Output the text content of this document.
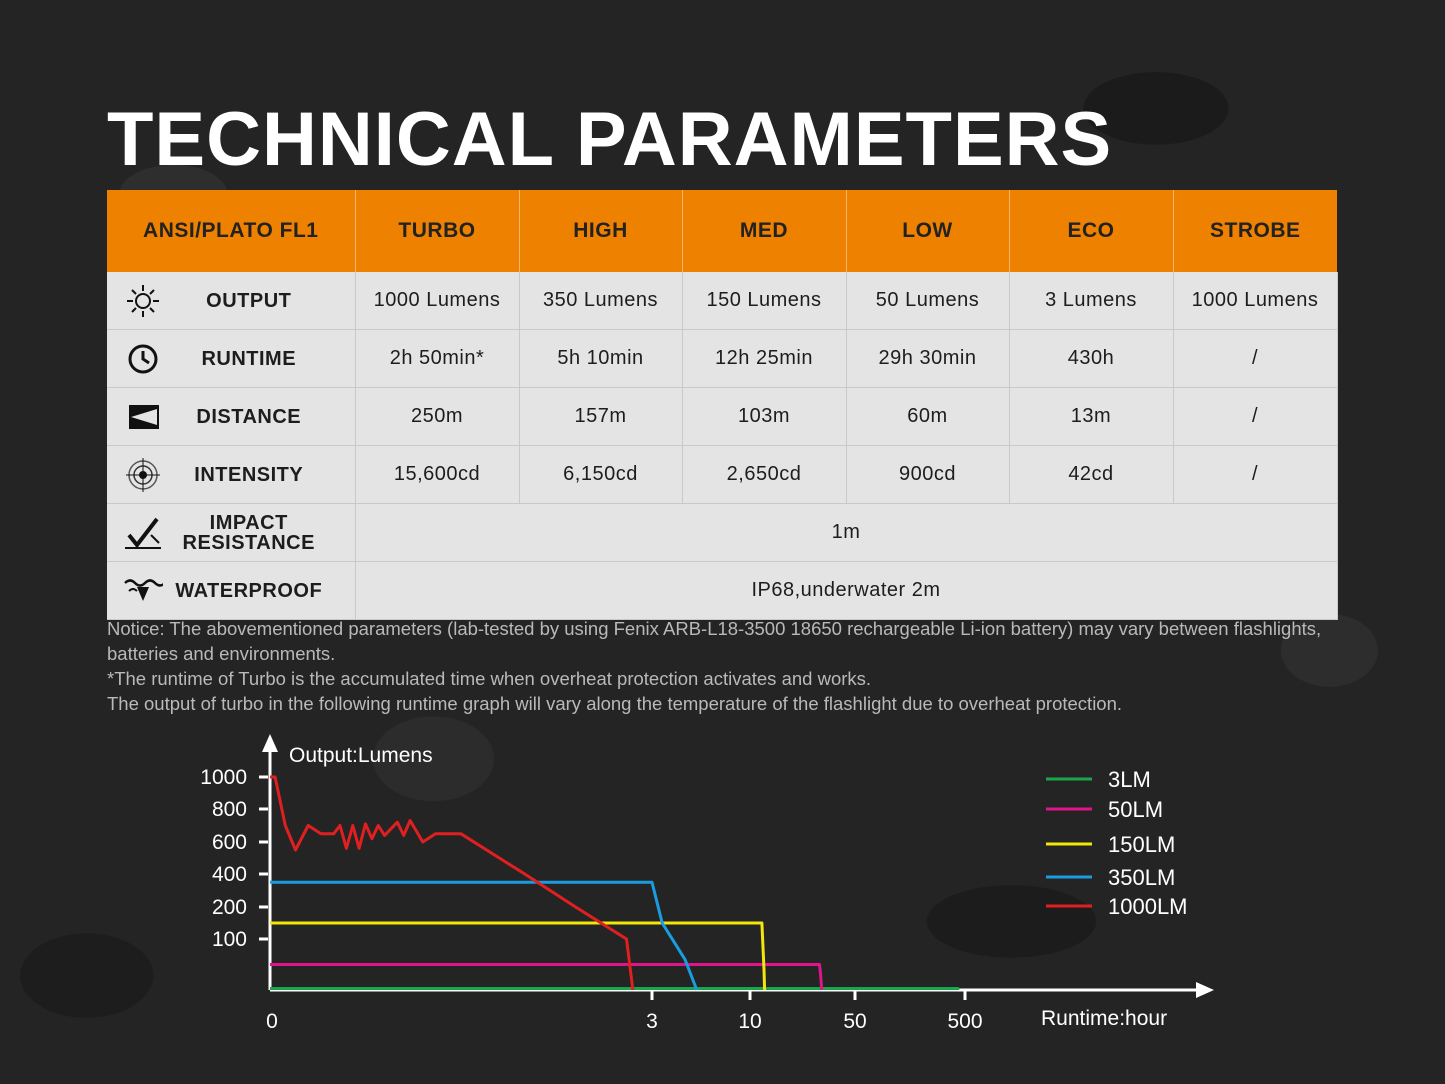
TECHNICAL PARAMETERS
ANSI/PLATO FL1	TURBO	HIGH	MED	LOW	ECO	STROBE

OUTPUT	1000 Lumens	350 Lumens	150 Lumens	50 Lumens	3 Lumens	1000 Lumens

RUNTIME	2h 50min*	5h 10min	12h 25min	29h 30min	430h	/

DISTANCE	250m	157m	103m	60m	13m	/

INTENSITY	15,600cd	6,150cd	2,650cd	900cd	42cd	/

IMPACT
RESISTANCE	1m					

WATERPROOF	IP68,underwater 2m					

Notice: The abovementioned parameters (lab-tested by using Fenix ARB-L18-3500 18650 rechargeable Li-ion battery) may vary between flashlights, batteries and environments.

*The runtime of Turbo is the accumulated time when overheat protection activates and works.

The output of turbo in the following runtime graph will vary along the temperature of the flashlight due to overheat protection.

Output:Lumens
Runtime:hour
1000
800
600
400
200
100
0	3	10	50	500
3LM
50LM
150LM
350LM
1000LM
